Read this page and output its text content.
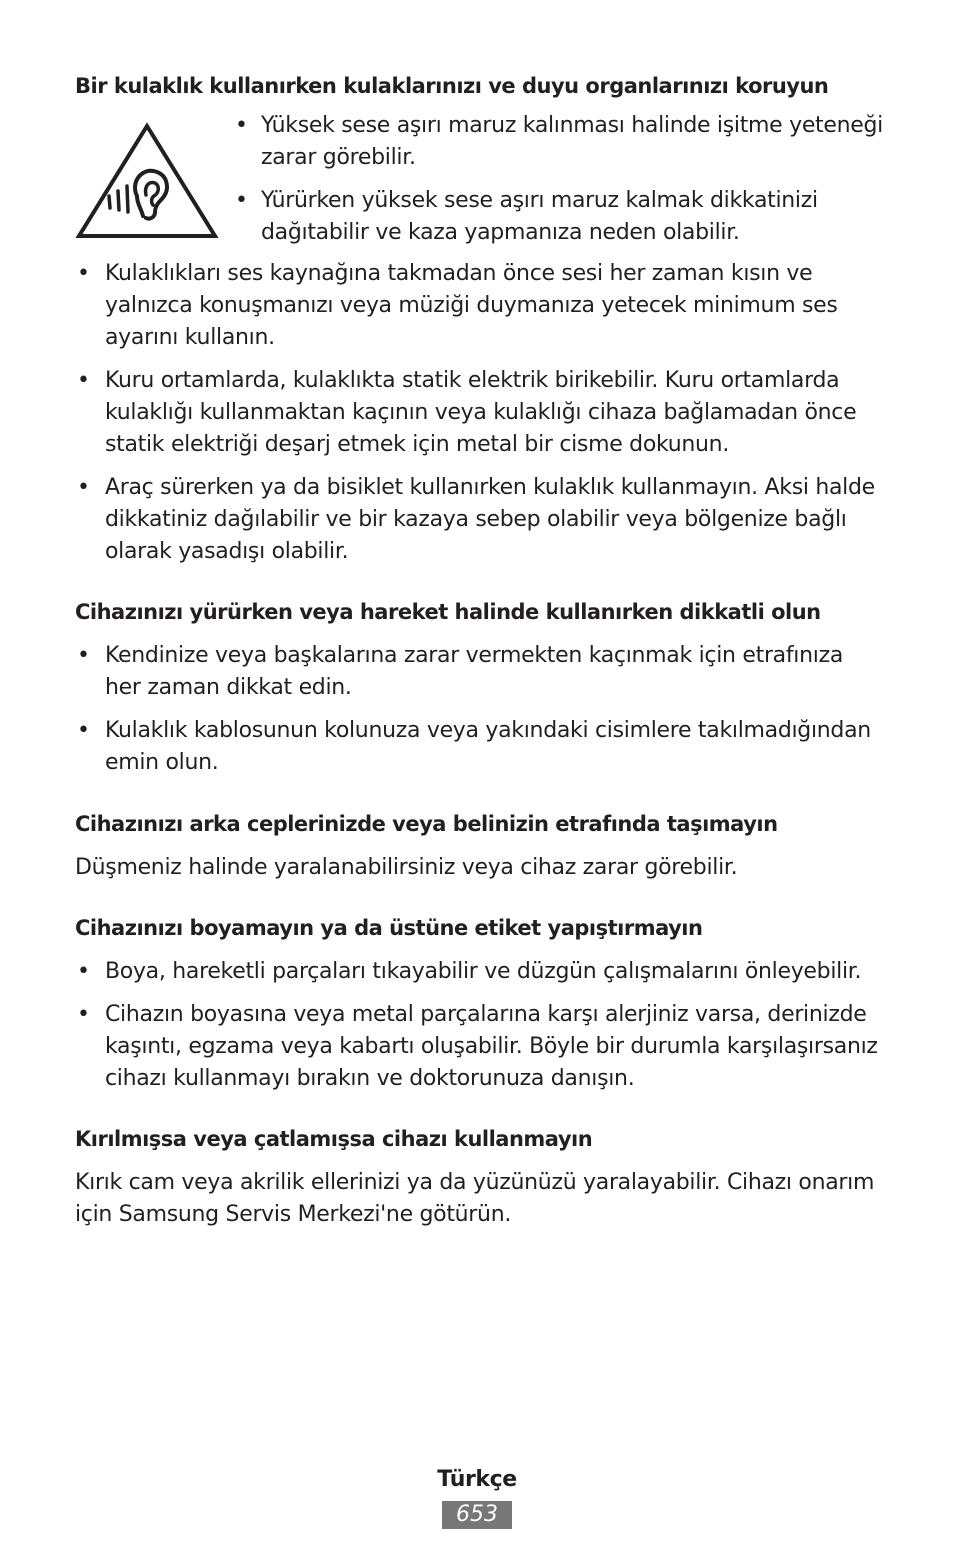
Bir kulaklık kullanırken kulaklarınızı ve duyu organlarınızı koruyun
• Yüksek sese aşırı maruz kalınması halinde işitme yeteneği zarar görebilir.
• Yürürken yüksek sese aşırı maruz kalmak dikkatinizi dağıtabilir ve kaza yapmanıza neden olabilir.
• Kulaklıkları ses kaynağına takmadan önce sesi her zaman kısın ve yalnızca konuşmanızı veya müziği duymanıza yetecek minimum ses ayarını kullanın.
• Kuru ortamlarda, kulaklıkta statik elektrik birikebilir. Kuru ortamlarda kulaklığı kullanmaktan kaçının veya kulaklığı cihaza bağlamadan önce statik elektriği deşarj etmek için metal bir cisme dokunun.
• Araç sürerken ya da bisiklet kullanırken kulaklık kullanmayın. Aksi halde dikkatiniz dağılabilir ve bir kazaya sebep olabilir veya bölgenize bağlı olarak yasadışı olabilir.
Cihazınızı yürürken veya hareket halinde kullanırken dikkatli olun
• Kendinize veya başkalarına zarar vermekten kaçınmak için etrafınıza her zaman dikkat edin.
• Kulaklık kablosunun kolunuza veya yakındaki cisimlere takılmadığından emin olun.
Cihazınızı arka ceplerinizde veya belinizin etrafında taşımayın

Düşmeniz halinde yaralanabilirsiniz veya cihaz zarar görebilir.

Cihazınızı boyamayın ya da üstüne etiket yapıştırmayın
• Boya, hareketli parçaları tıkayabilir ve düzgün çalışmalarını önleyebilir.
• Cihazın boyasına veya metal parçalarına karşı alerjiniz varsa, derinizde kaşıntı, egzama veya kabartı oluşabilir. Böyle bir durumla karşılaşırsanız cihazı kullanmayı bırakın ve doktorunuza danışın.
Kırılmışsa veya çatlamışsa cihazı kullanmayın

Kırık cam veya akrilik ellerinizi ya da yüzünüzü yaralayabilir. Cihazı onarım için Samsung Servis Merkezi'ne götürün.

Türkçe
653
